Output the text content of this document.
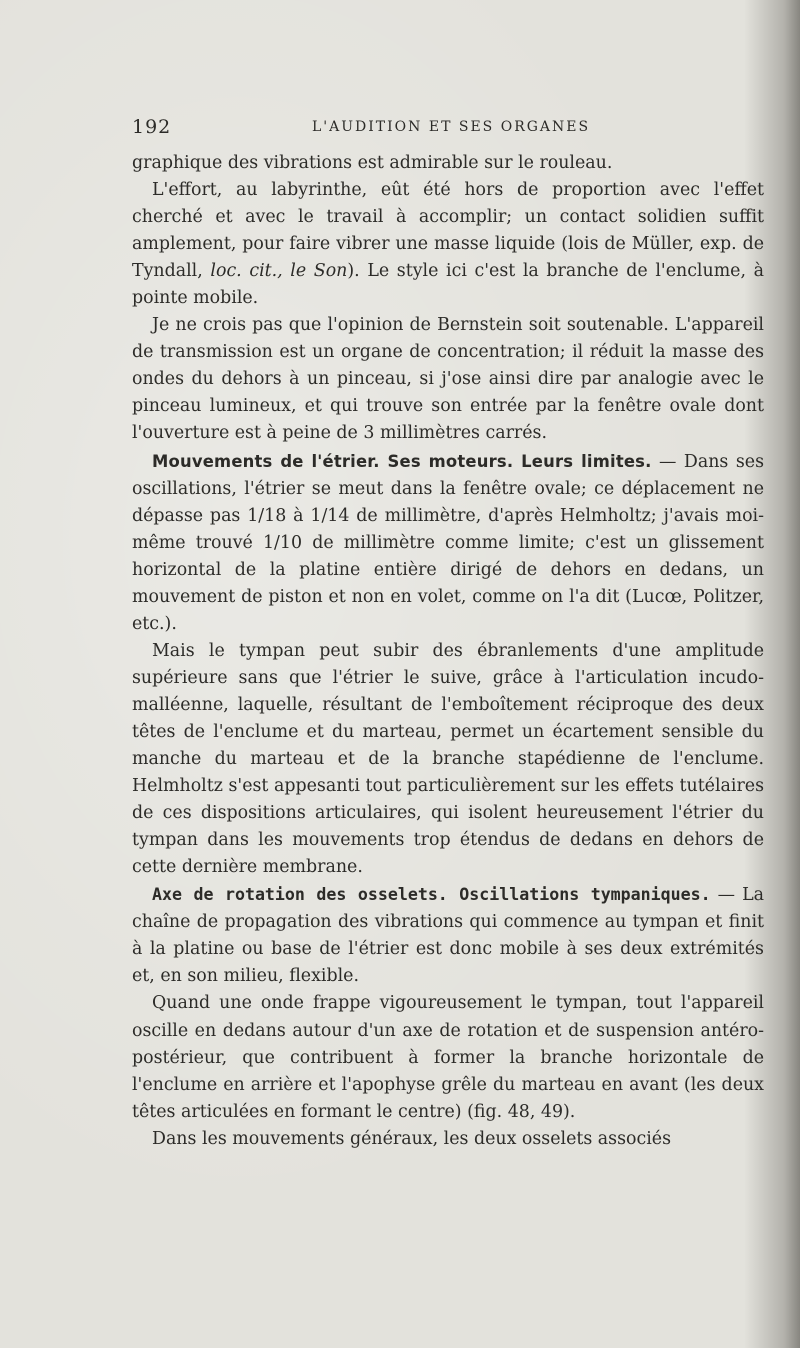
192	L'AUDITION ET SES ORGANES

graphique des vibrations est admirable sur le rouleau.

L'effort, au labyrinthe, eût été hors de proportion avec l'effet cherché et avec le travail à accomplir; un contact solidien suffit amplement, pour faire vibrer une masse liquide (lois de Müller, exp. de Tyndall, loc. cit., le Son). Le style ici c'est la branche de l'enclume, à pointe mobile.

Je ne crois pas que l'opinion de Bernstein soit soutenable. L'appareil de transmission est un organe de concentration; il réduit la masse des ondes du dehors à un pinceau, si j'ose ainsi dire par analogie avec le pinceau lumineux, et qui trouve son entrée par la fenêtre ovale dont l'ouverture est à peine de 3 millimètres carrés.

Mouvements de l'étrier. Ses moteurs. Leurs limites. — Dans ses oscillations, l'étrier se meut dans la fenêtre ovale; ce déplacement ne dépasse pas 1/18 à 1/14 de millimètre, d'après Helmholtz; j'avais moi-même trouvé 1/10 de millimètre comme limite; c'est un glissement horizontal de la platine entière dirigé de dehors en dedans, un mouvement de piston et non en volet, comme on l'a dit (Lucœ, Politzer, etc.).

Mais le tympan peut subir des ébranlements d'une amplitude supérieure sans que l'étrier le suive, grâce à l'articulation incudo-malléenne, laquelle, résultant de l'emboîtement réciproque des deux têtes de l'enclume et du marteau, permet un écartement sensible du manche du marteau et de la branche stapédienne de l'enclume. Helmholtz s'est appesanti tout particulièrement sur les effets tutélaires de ces dispositions articulaires, qui isolent heureusement l'étrier du tympan dans les mouvements trop étendus de dedans en dehors de cette dernière membrane.

Axe de rotation des osselets. Oscillations tympaniques. — La chaîne de propagation des vibrations qui commence au tympan et finit à la platine ou base de l'étrier est donc mobile à ses deux extrémités et, en son milieu, flexible.

Quand une onde frappe vigoureusement le tympan, tout l'appareil oscille en dedans autour d'un axe de rotation et de suspension antéro-postérieur, que contribuent à former la branche horizontale de l'enclume en arrière et l'apophyse grêle du marteau en avant (les deux têtes articulées en formant le centre) (fig. 48, 49).

Dans les mouvements généraux, les deux osselets associés
